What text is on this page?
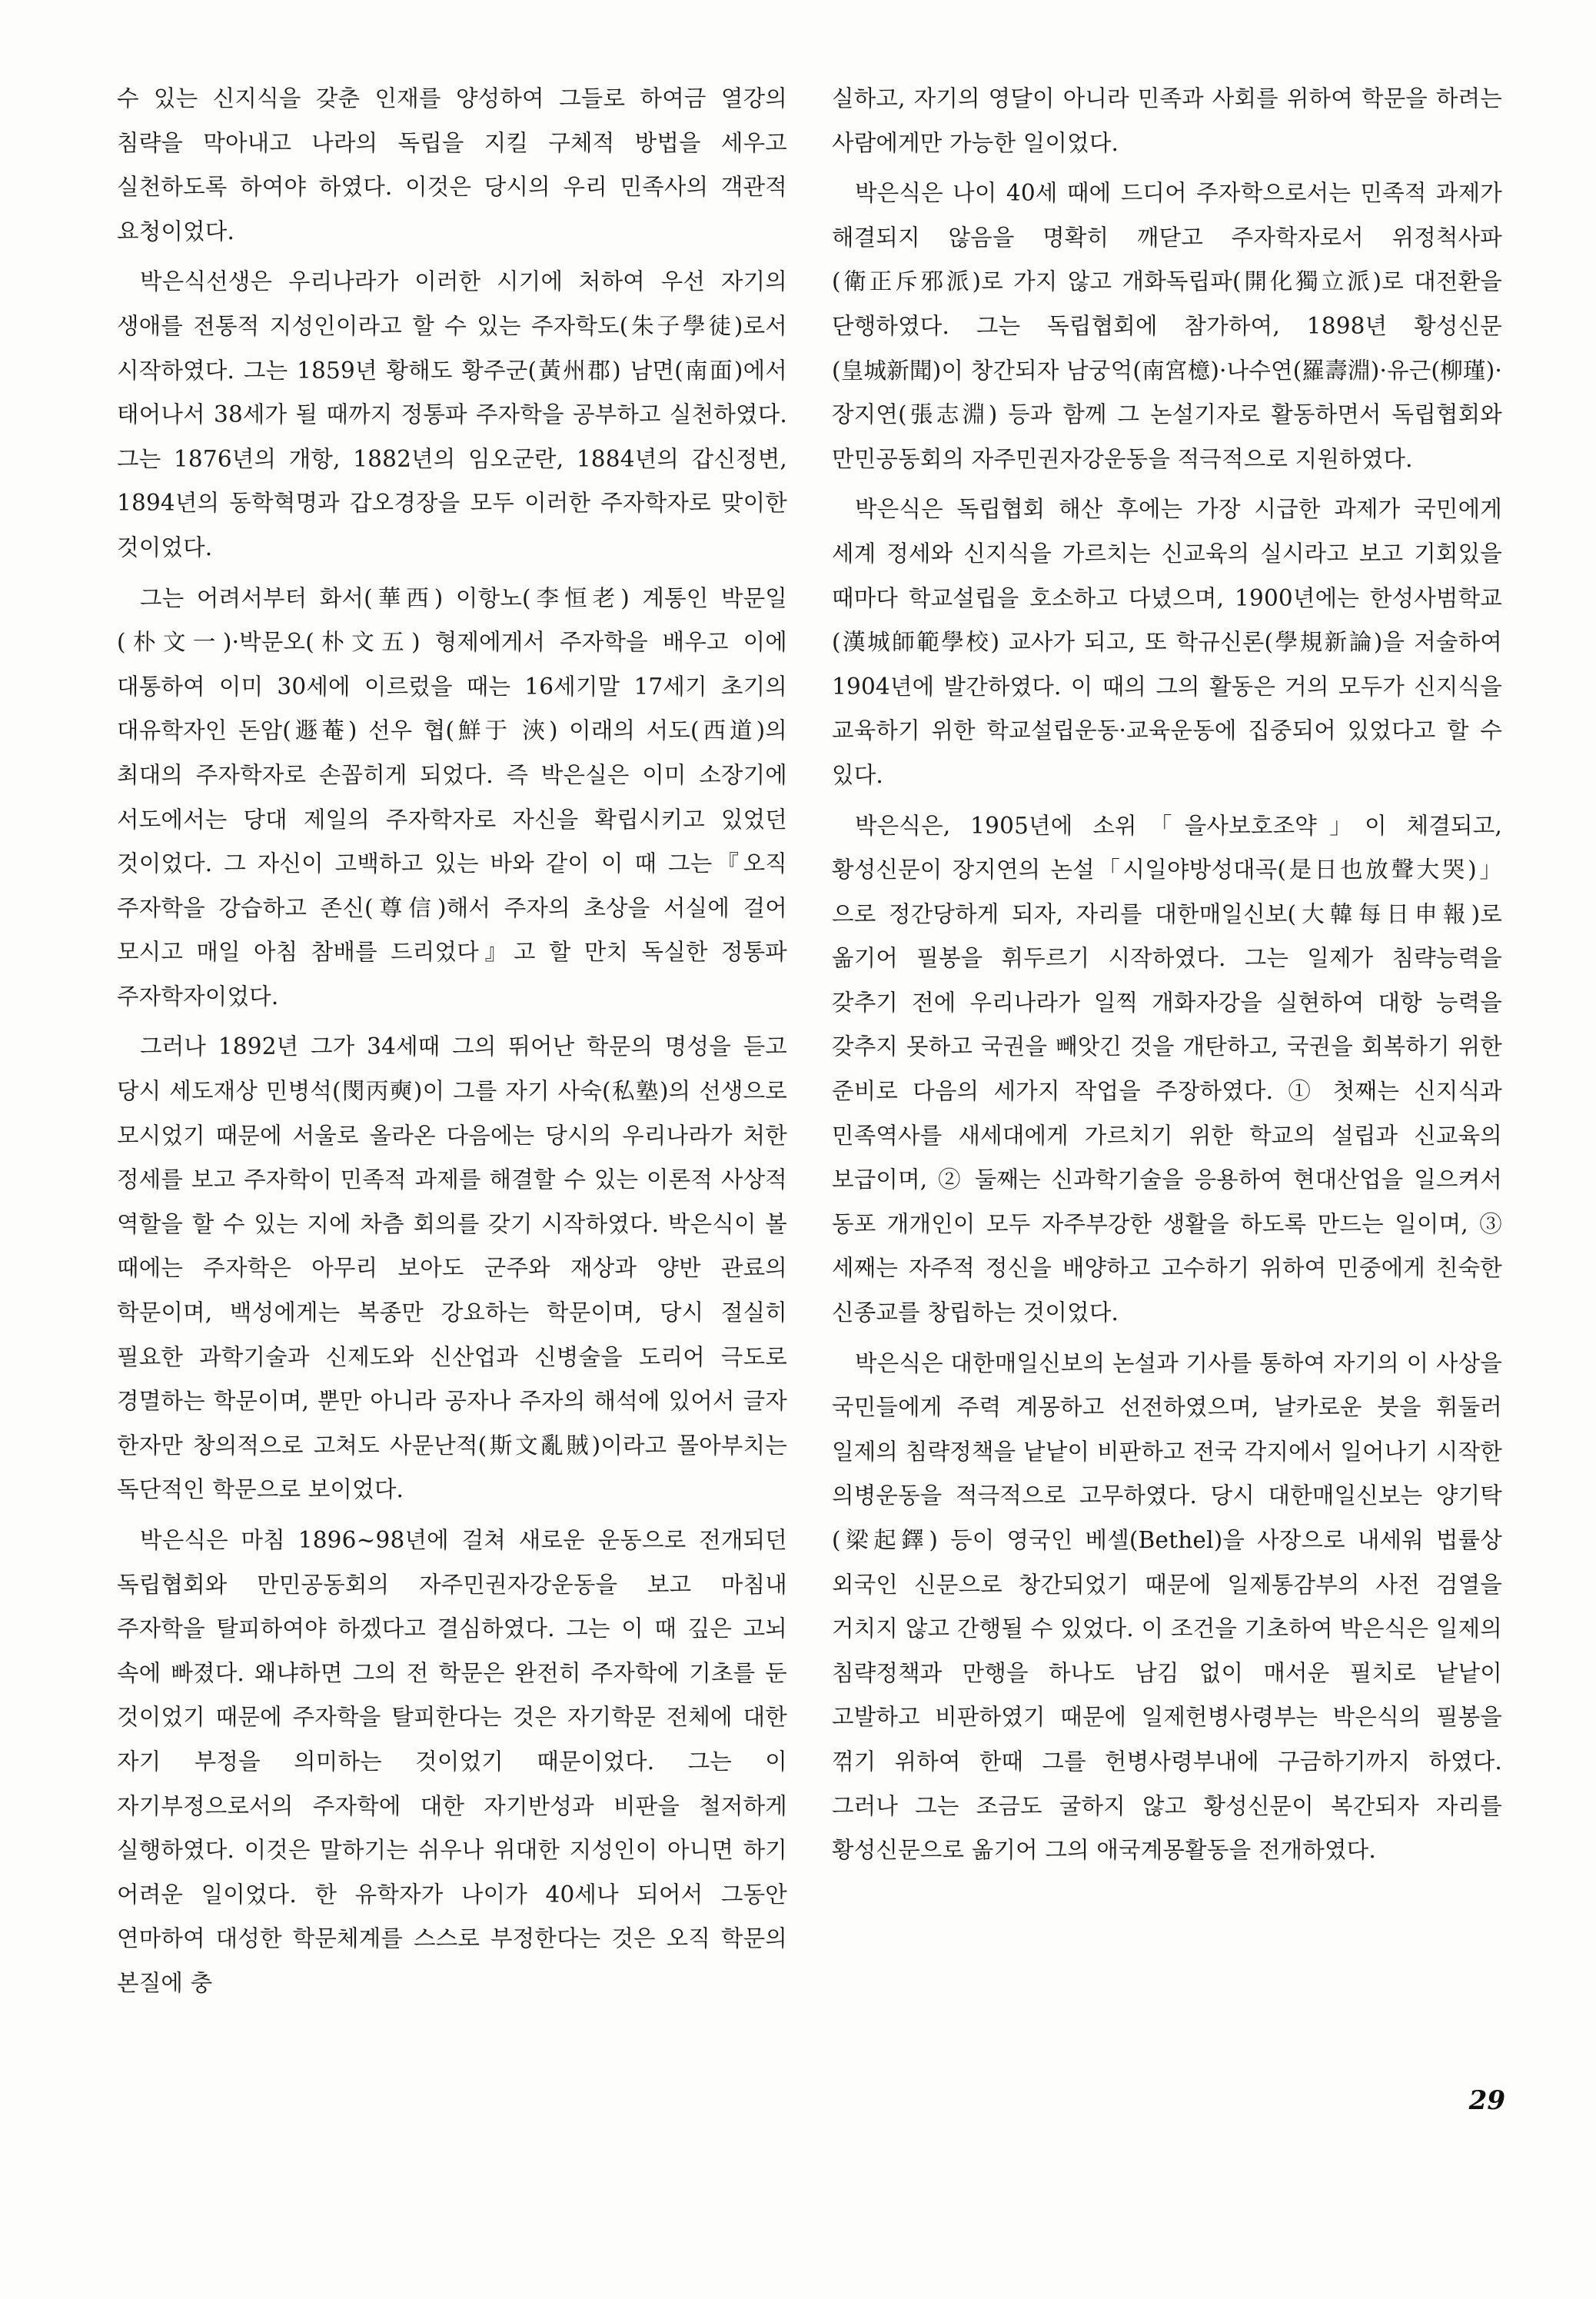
수 있는 신지식을 갖춘 인재를 양성하여 그들로 하여금 열강의 침략을 막아내고 나라의 독립을 지킬 구체적 방법을 세우고 실천하도록 하여야 하였다. 이것은 당시의 우리 민족사의 객관적 요청이었다.

박은식선생은 우리나라가 이러한 시기에 처하여 우선 자기의 생애를 전통적 지성인이라고 할 수 있는 주자학도(朱子學徒)로서 시작하였다. 그는 1859년 황해도 황주군(黃州郡) 남면(南面)에서 태어나서 38세가 될 때까지 정통파 주자학을 공부하고 실천하였다. 그는 1876년의 개항, 1882년의 임오군란, 1884년의 갑신정변, 1894년의 동학혁명과 갑오경장을 모두 이러한 주자학자로 맞이한 것이었다.

그는 어려서부터 화서(華西) 이항노(李恒老) 계통인 박문일(朴文一)·박문오(朴文五) 형제에게서 주자학을 배우고 이에 대통하여 이미 30세에 이르렀을 때는 16세기말 17세기 초기의 대유학자인 돈암(遯菴) 선우 협(鮮于 浹) 이래의 서도(西道)의 최대의 주자학자로 손꼽히게 되었다. 즉 박은실은 이미 소장기에 서도에서는 당대 제일의 주자학자로 자신을 확립시키고 있었던 것이었다. 그 자신이 고백하고 있는 바와 같이 이 때 그는『오직 주자학을 강습하고 존신(尊信)해서 주자의 초상을 서실에 걸어 모시고 매일 아침 참배를 드리었다』고 할 만치 독실한 정통파 주자학자이었다.

그러나 1892년 그가 34세때 그의 뛰어난 학문의 명성을 듣고 당시 세도재상 민병석(閔丙奭)이 그를 자기 사숙(私塾)의 선생으로 모시었기 때문에 서울로 올라온 다음에는 당시의 우리나라가 처한 정세를 보고 주자학이 민족적 과제를 해결할 수 있는 이론적 사상적 역할을 할 수 있는 지에 차츰 회의를 갖기 시작하였다. 박은식이 볼 때에는 주자학은 아무리 보아도 군주와 재상과 양반 관료의 학문이며, 백성에게는 복종만 강요하는 학문이며, 당시 절실히 필요한 과학기술과 신제도와 신산업과 신병술을 도리어 극도로 경멸하는 학문이며, 뿐만 아니라 공자나 주자의 해석에 있어서 글자 한자만 창의적으로 고쳐도 사문난적(斯文亂賊)이라고 몰아부치는 독단적인 학문으로 보이었다.

박은식은 마침 1896~98년에 걸쳐 새로운 운동으로 전개되던 독립협회와 만민공동회의 자주민권자강운동을 보고 마침내 주자학을 탈피하여야 하겠다고 결심하였다. 그는 이 때 깊은 고뇌 속에 빠졌다. 왜냐하면 그의 전 학문은 완전히 주자학에 기초를 둔 것이었기 때문에 주자학을 탈피한다는 것은 자기학문 전체에 대한 자기 부정을 의미하는 것이었기 때문이었다. 그는 이 자기부정으로서의 주자학에 대한 자기반성과 비판을 철저하게 실행하였다. 이것은 말하기는 쉬우나 위대한 지성인이 아니면 하기 어려운 일이었다. 한 유학자가 나이가 40세나 되어서 그동안 연마하여 대성한 학문체계를 스스로 부정한다는 것은 오직 학문의 본질에 충

실하고, 자기의 영달이 아니라 민족과 사회를 위하여 학문을 하려는 사람에게만 가능한 일이었다.

박은식은 나이 40세 때에 드디어 주자학으로서는 민족적 과제가 해결되지 않음을 명확히 깨닫고 주자학자로서 위정척사파(衛正斥邪派)로 가지 않고 개화독립파(開化獨立派)로 대전환을 단행하였다. 그는 독립협회에 참가하여, 1898년 황성신문(皇城新聞)이 창간되자 남궁억(南宮檍)·나수연(羅壽淵)·유근(柳瑾)·장지연(張志淵) 등과 함께 그 논설기자로 활동하면서 독립협회와 만민공동회의 자주민권자강운동을 적극적으로 지원하였다.

박은식은 독립협회 해산 후에는 가장 시급한 과제가 국민에게 세계 정세와 신지식을 가르치는 신교육의 실시라고 보고 기회있을 때마다 학교설립을 호소하고 다녔으며, 1900년에는 한성사범학교(漢城師範學校) 교사가 되고, 또 학규신론(學規新論)을 저술하여 1904년에 발간하였다. 이 때의 그의 활동은 거의 모두가 신지식을 교육하기 위한 학교설립운동·교육운동에 집중되어 있었다고 할 수 있다.

박은식은, 1905년에 소위「을사보호조약」이 체결되고, 황성신문이 장지연의 논설「시일야방성대곡(是日也放聲大哭)」으로 정간당하게 되자, 자리를 대한매일신보(大韓每日申報)로 옮기어 필봉을 휘두르기 시작하였다. 그는 일제가 침략능력을 갖추기 전에 우리나라가 일찍 개화자강을 실현하여 대항 능력을 갖추지 못하고 국권을 빼앗긴 것을 개탄하고, 국권을 회복하기 위한 준비로 다음의 세가지 작업을 주장하였다. ① 첫째는 신지식과 민족역사를 새세대에게 가르치기 위한 학교의 설립과 신교육의 보급이며, ② 둘째는 신과학기술을 응용하여 현대산업을 일으켜서 동포 개개인이 모두 자주부강한 생활을 하도록 만드는 일이며, ③ 세째는 자주적 정신을 배양하고 고수하기 위하여 민중에게 친숙한 신종교를 창립하는 것이었다.

박은식은 대한매일신보의 논설과 기사를 통하여 자기의 이 사상을 국민들에게 주력 계몽하고 선전하였으며, 날카로운 붓을 휘둘러 일제의 침략정책을 낱낱이 비판하고 전국 각지에서 일어나기 시작한 의병운동을 적극적으로 고무하였다. 당시 대한매일신보는 양기탁(梁起鐸) 등이 영국인 베셀(Bethel)을 사장으로 내세워 법률상 외국인 신문으로 창간되었기 때문에 일제통감부의 사전 검열을 거치지 않고 간행될 수 있었다. 이 조건을 기초하여 박은식은 일제의 침략정책과 만행을 하나도 남김 없이 매서운 필치로 낱낱이 고발하고 비판하였기 때문에 일제헌병사령부는 박은식의 필봉을 꺾기 위하여 한때 그를 헌병사령부내에 구금하기까지 하였다. 그러나 그는 조금도 굴하지 않고 황성신문이 복간되자 자리를 황성신문으로 옮기어 그의 애국계몽활동을 전개하였다.

29
